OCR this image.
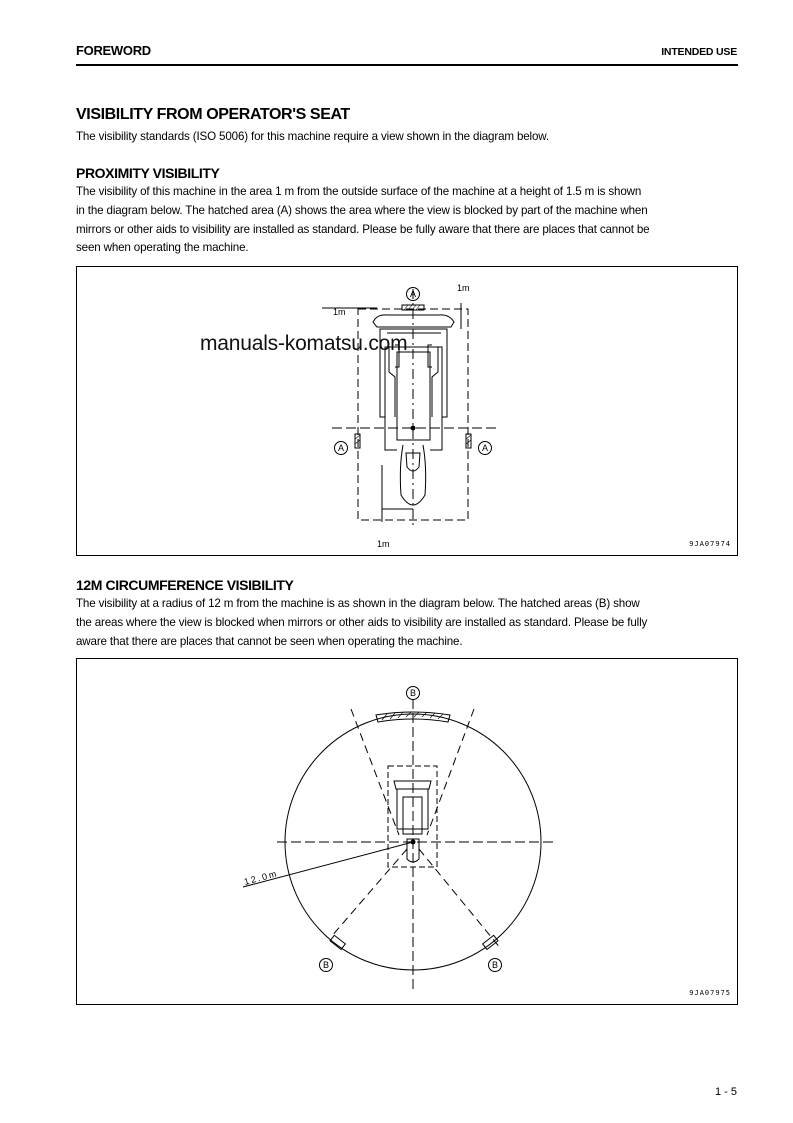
FOREWORD	INTENDED USE
VISIBILITY FROM OPERATOR'S SEAT
The visibility standards (ISO 5006) for this machine require a view shown in the diagram below.
PROXIMITY VISIBILITY
The visibility of this machine in the area 1 m from the outside surface of the machine at a height of 1.5 m is shown
in the diagram below. The hatched area (A) shows the area where the view is blocked by part of the machine when
mirrors or other aids to visibility are installed as standard. Please be fully aware that there are places that cannot be
seen when operating the machine.
A
A	A
1m
1m
1m	9JA07974
manuals-komatsu.com
12M CIRCUMFERENCE VISIBILITY
The visibility at a radius of 12 m from the machine is as shown in the diagram below. The hatched areas (B) show
the areas where the view is blocked when mirrors or other aids to visibility are installed as standard. Please be fully
aware that there are places that cannot be seen when operating the machine.
B
B	B
12.0m
9JA07975
1 - 5
